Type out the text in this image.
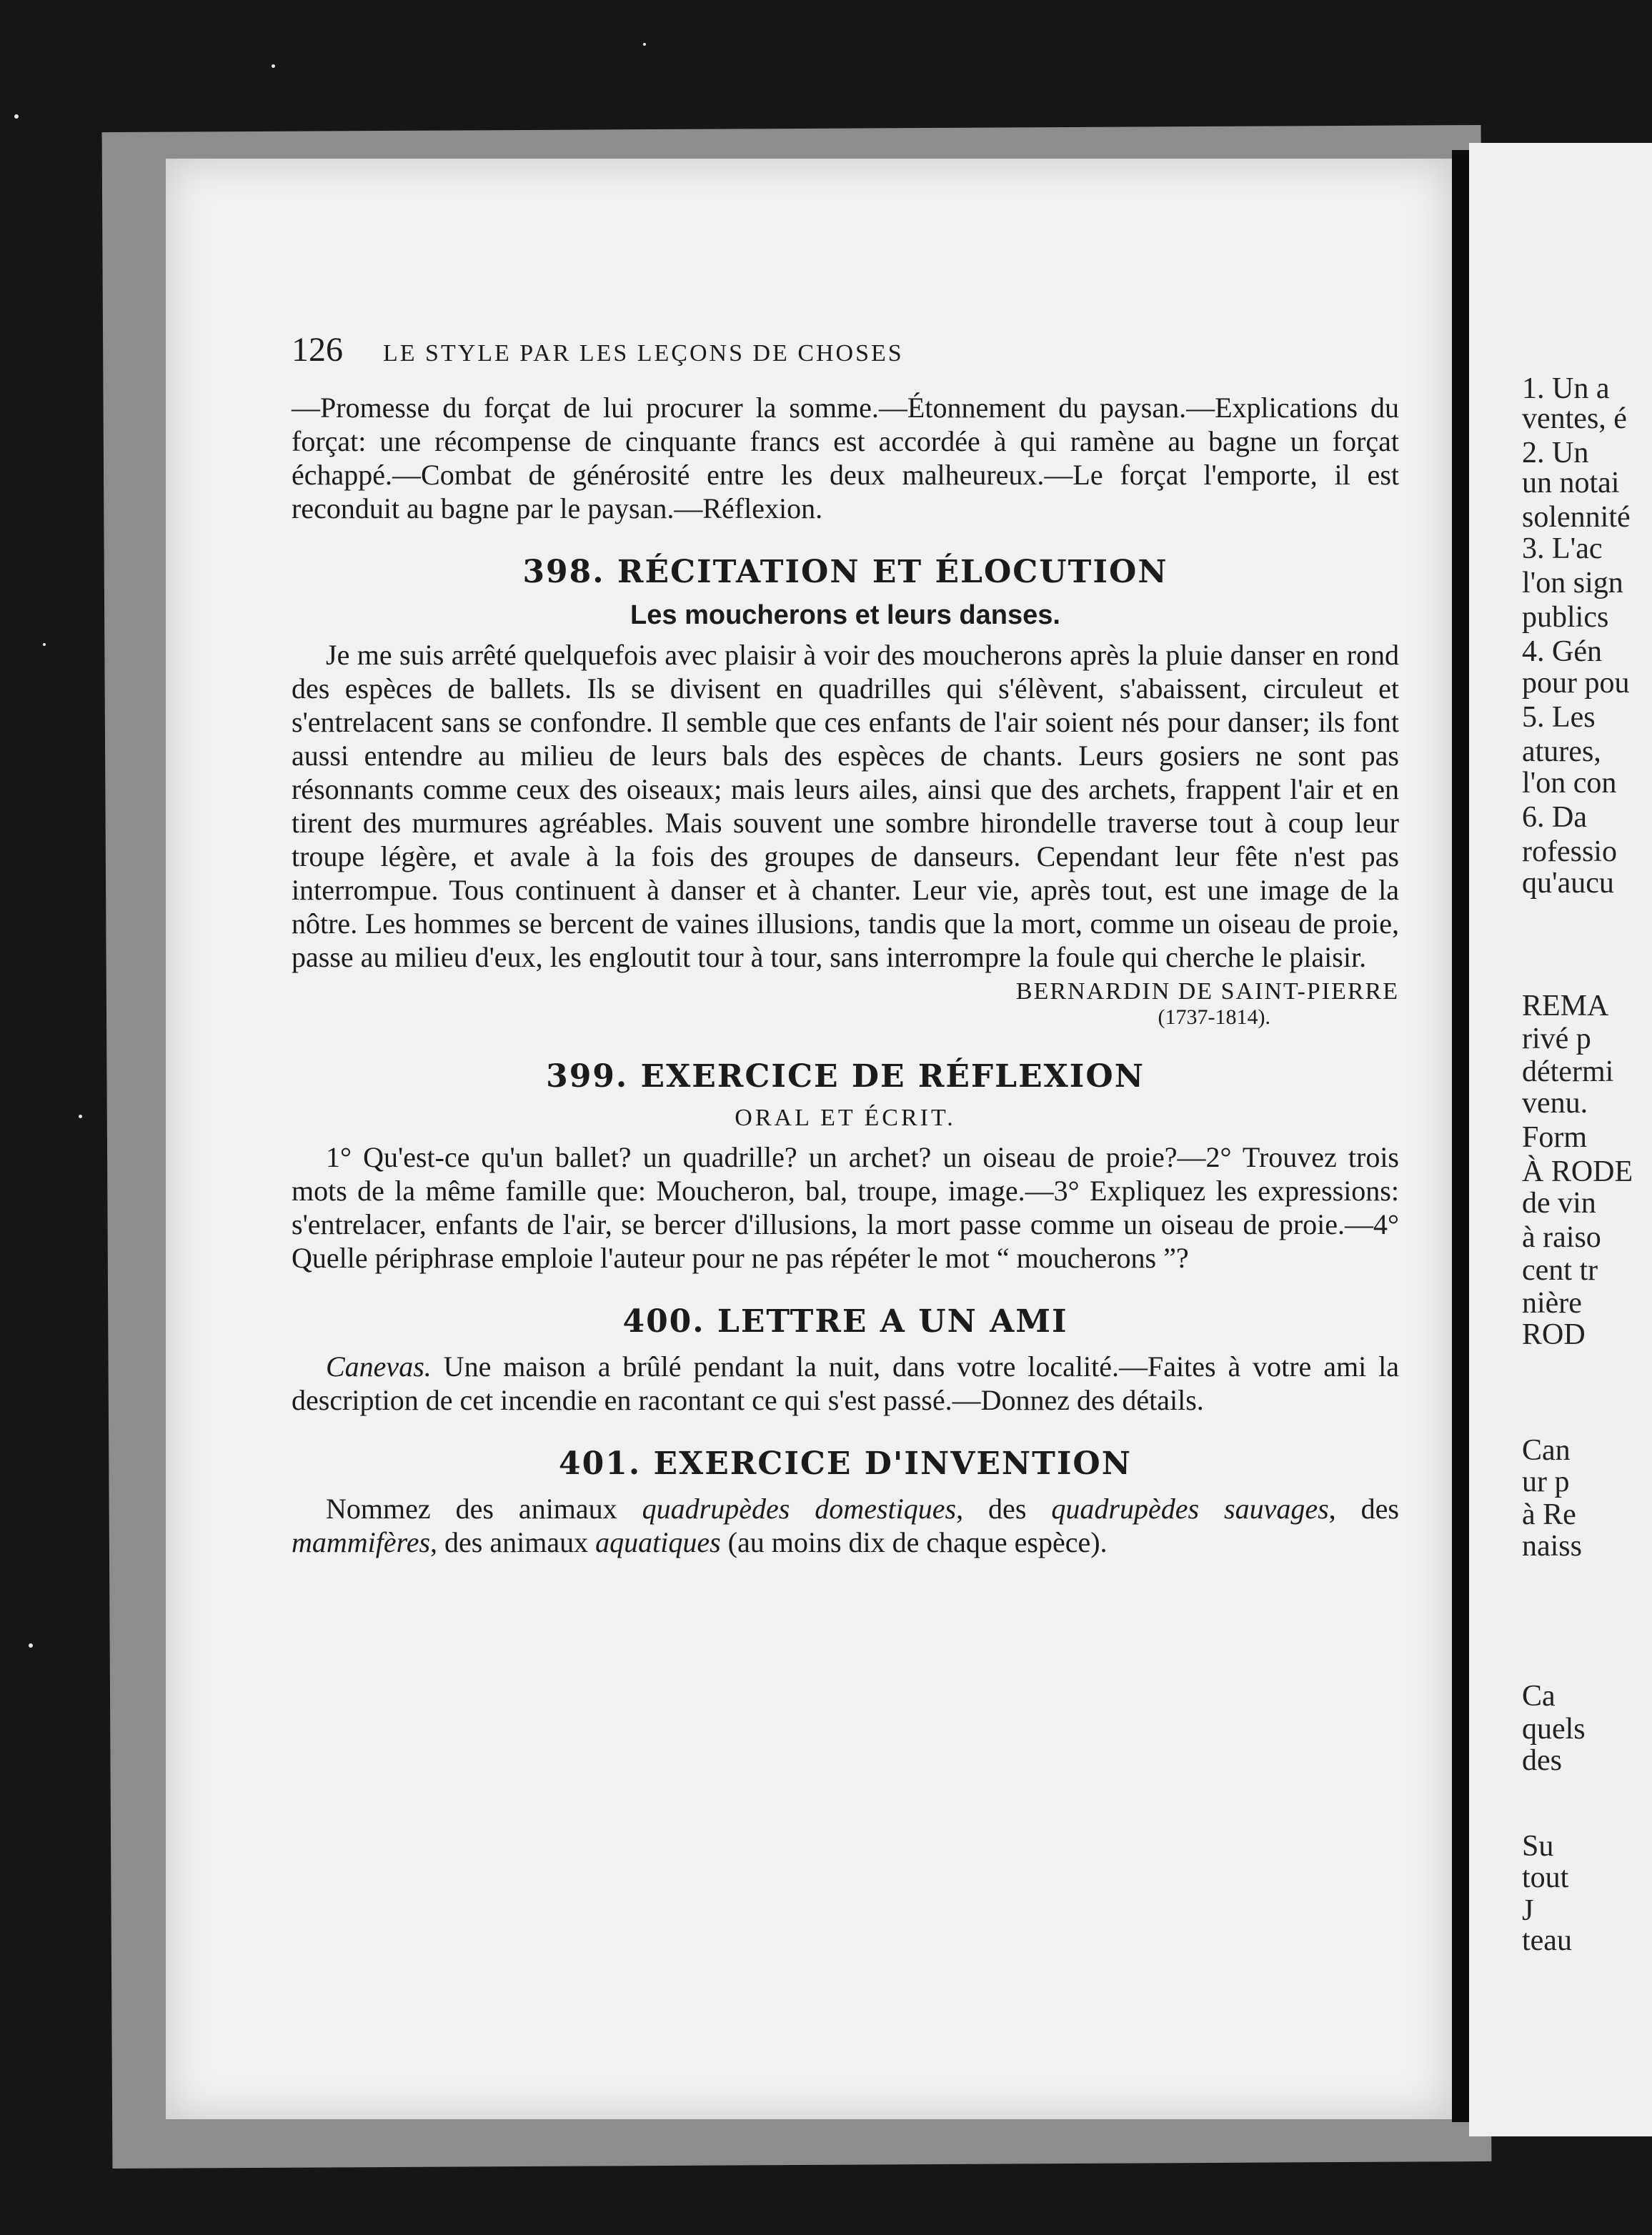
1. Un a
ventes, é
2. Un
un notai
solennité
3. L'ac
l'on sign
publics
4. Gén
pour pou
5. Les
atures,
l'on con
6. Da
rofessio
qu'aucu
REMA
rivé p
détermi
venu.
Form
À RODE
de vin
à raiso
cent tr
nière
ROD
Can
ur p
à Re
naiss
Ca
quels
des
Su
tout
J
teau
126 LE STYLE PAR LES LEÇONS DE CHOSES

—Promesse du forçat de lui procurer la somme.—Étonnement du paysan.—Explications du forçat: une récompense de cinquante francs est accordée à qui ramène au bagne un forçat échappé.—Combat de générosité entre les deux malheureux.—Le forçat l'emporte, il est reconduit au bagne par le paysan.—Réflexion.

398. RÉCITATION ET ÉLOCUTION
Les moucherons et leurs danses.

Je me suis arrêté quelquefois avec plaisir à voir des moucherons après la pluie danser en rond des espèces de ballets. Ils se divisent en quadrilles qui s'élèvent, s'abaissent, circuleut et s'entrelacent sans se confondre. Il semble que ces enfants de l'air soient nés pour danser; ils font aussi entendre au milieu de leurs bals des espèces de chants. Leurs gosiers ne sont pas résonnants comme ceux des oiseaux; mais leurs ailes, ainsi que des archets, frappent l'air et en tirent des murmures agréables. Mais souvent une sombre hirondelle traverse tout à coup leur troupe légère, et avale à la fois des groupes de danseurs. Cependant leur fête n'est pas interrompue. Tous continuent à danser et à chanter. Leur vie, après tout, est une image de la nôtre. Les hommes se bercent de vaines illusions, tandis que la mort, comme un oiseau de proie, passe au milieu d'eux, les engloutit tour à tour, sans interrompre la foule qui cherche le plaisir.

BERNARDIN DE SAINT-PIERRE
(1737-1814).
399. EXERCICE DE RÉFLEXION
ORAL ET ÉCRIT.

1° Qu'est-ce qu'un ballet? un quadrille? un archet? un oiseau de proie?—2° Trouvez trois mots de la même famille que: Moucheron, bal, troupe, image.—3° Expliquez les expressions: s'entrelacer, enfants de l'air, se bercer d'illusions, la mort passe comme un oiseau de proie.—4° Quelle périphrase emploie l'auteur pour ne pas répéter le mot “ moucherons ”?

400. LETTRE A UN AMI

Canevas. Une maison a brûlé pendant la nuit, dans votre localité.—Faites à votre ami la description de cet incendie en racontant ce qui s'est passé.—Donnez des détails.

401. EXERCICE D'INVENTION

Nommez des animaux quadrupèdes domestiques, des quadrupèdes sauvages, des mammifères, des animaux aquatiques (au moins dix de chaque espèce).
